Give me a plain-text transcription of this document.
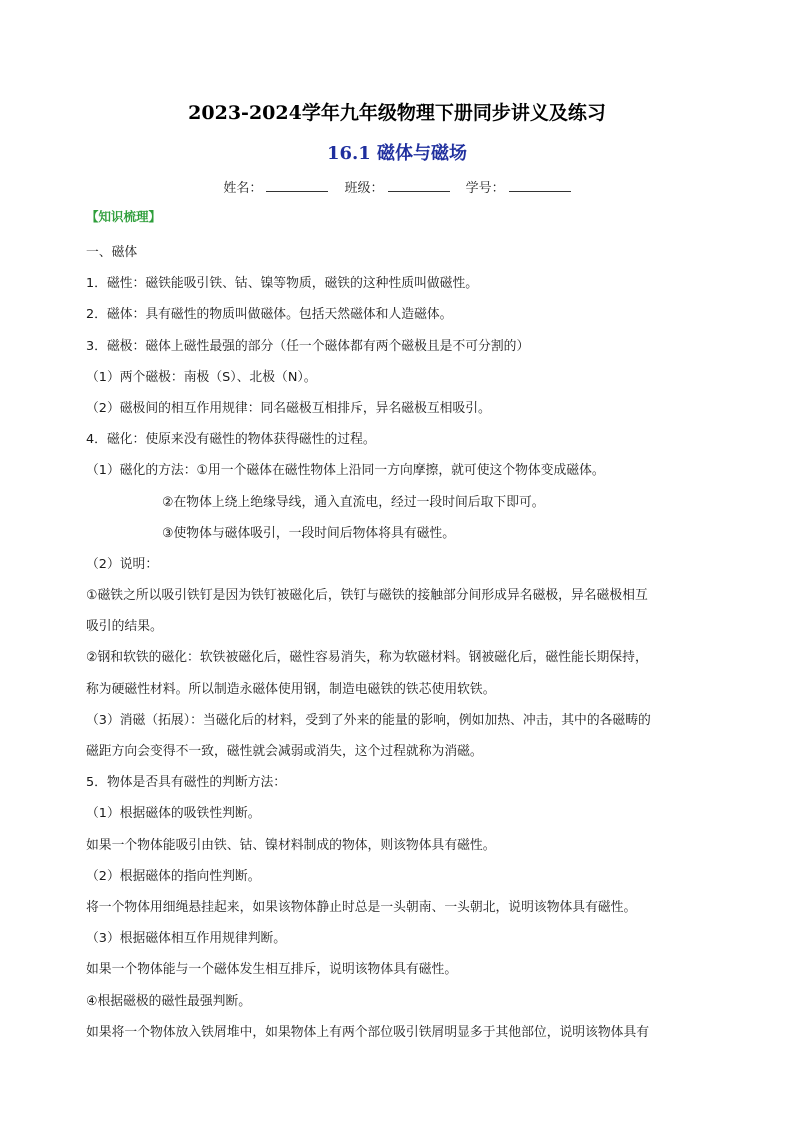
2023-2024学年九年级物理下册同步讲义及练习
16.1 磁体与磁场
姓名：	班级：	学号：
【知识梳理】
一、磁体
1．磁性：磁铁能吸引铁、钴、镍等物质，磁铁的这种性质叫做磁性。
2．磁体：具有磁性的物质叫做磁体。包括天然磁体和人造磁体。
3．磁极：磁体上磁性最强的部分（任一个磁体都有两个磁极且是不可分割的）
（1）两个磁极：南极（S）、北极（N）。
（2）磁极间的相互作用规律：同名磁极互相排斥，异名磁极互相吸引。
4．磁化：使原来没有磁性的物体获得磁性的过程。
（1）磁化的方法：①用一个磁体在磁性物体上沿同一方向摩擦，就可使这个物体变成磁体。
②在物体上绕上绝缘导线，通入直流电，经过一段时间后取下即可。
③使物体与磁体吸引，一段时间后物体将具有磁性。
（2）说明：
①磁铁之所以吸引铁钉是因为铁钉被磁化后，铁钉与磁铁的接触部分间形成异名磁极，异名磁极相互
吸引的结果。
②钢和软铁的磁化：软铁被磁化后，磁性容易消失，称为软磁材料。钢被磁化后，磁性能长期保持，
称为硬磁性材料。所以制造永磁体使用钢，制造电磁铁的铁芯使用软铁。
（3）消磁（拓展）：当磁化后的材料，受到了外来的能量的影响，例如加热、冲击，其中的各磁畴的
磁距方向会变得不一致，磁性就会减弱或消失，这个过程就称为消磁。
5．物体是否具有磁性的判断方法：
（1）根据磁体的吸铁性判断。
如果一个物体能吸引由铁、钴、镍材料制成的物体，则该物体具有磁性。
（2）根据磁体的指向性判断。
将一个物体用细绳悬挂起来，如果该物体静止时总是一头朝南、一头朝北，说明该物体具有磁性。
（3）根据磁体相互作用规律判断。
如果一个物体能与一个磁体发生相互排斥，说明该物体具有磁性。
④根据磁极的磁性最强判断。
如果将一个物体放入铁屑堆中，如果物体上有两个部位吸引铁屑明显多于其他部位，说明该物体具有
